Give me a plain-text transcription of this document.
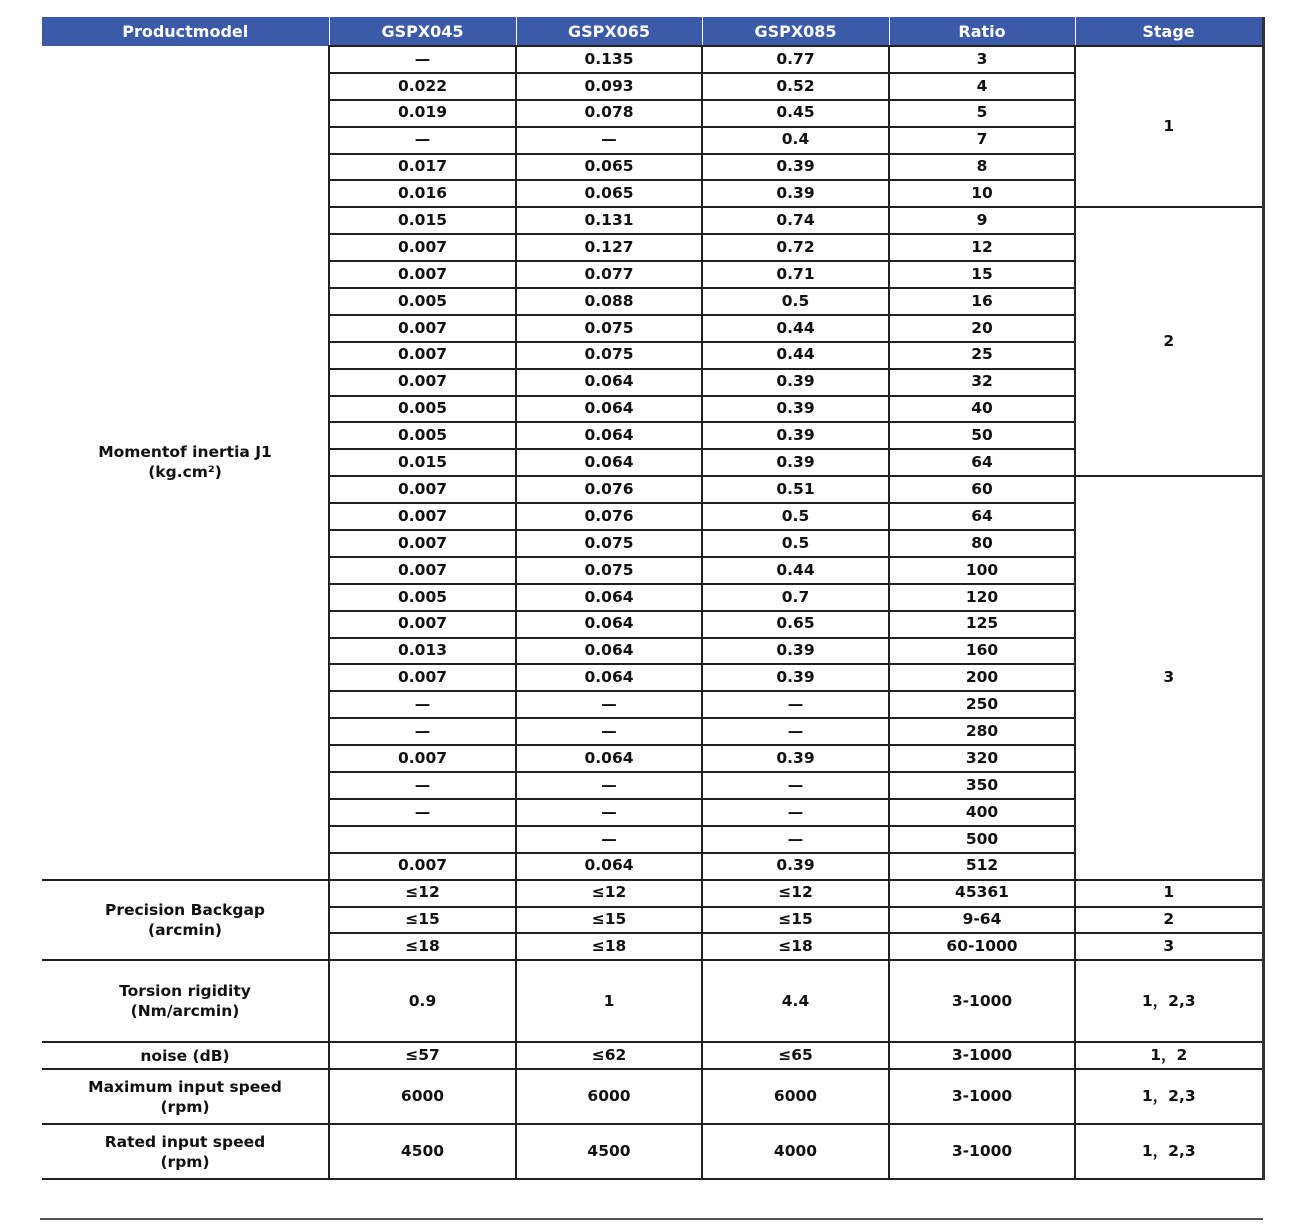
Productmodel	GSPX045	GSPX065	GSPX085	Ratio	Stage
Momentof inertia J1
(kg.cm²)	—	0.135	0.77	3	1
	0.022	0.093	0.52	4	
	0.019	0.078	0.45	5	
	—	—	0.4	7	
	0.017	0.065	0.39	8	
	0.016	0.065	0.39	10	
	0.015	0.131	0.74	9	2
	0.007	0.127	0.72	12	
	0.007	0.077	0.71	15	
	0.005	0.088	0.5	16	
	0.007	0.075	0.44	20	
	0.007	0.075	0.44	25	
	0.007	0.064	0.39	32	
	0.005	0.064	0.39	40	
	0.005	0.064	0.39	50	
	0.015	0.064	0.39	64	
	0.007	0.076	0.51	60	3
	0.007	0.076	0.5	64	
	0.007	0.075	0.5	80	
	0.007	0.075	0.44	100	
	0.005	0.064	0.7	120	
	0.007	0.064	0.65	125	
	0.013	0.064	0.39	160	
	0.007	0.064	0.39	200	
	—	—	—	250	
	—	—	—	280	
	0.007	0.064	0.39	320	
	—	—	—	350	
	—	—	—	400	
		—	—	500	
	0.007	0.064	0.39	512	
Precision Backgap
(arcmin)	≤12	≤12	≤12	45361	1
	≤15	≤15	≤15	9-64	2
	≤18	≤18	≤18	60-1000	3
Torsion rigidity
(Nm/arcmin)	0.9	1	4.4	3-1000	1，2,3
noise (dB)	≤57	≤62	≤65	3-1000	1，2
Maximum input speed
(rpm)	6000	6000	6000	3-1000	1，2,3
Rated input speed
(rpm)	4500	4500	4000	3-1000	1，2,3
